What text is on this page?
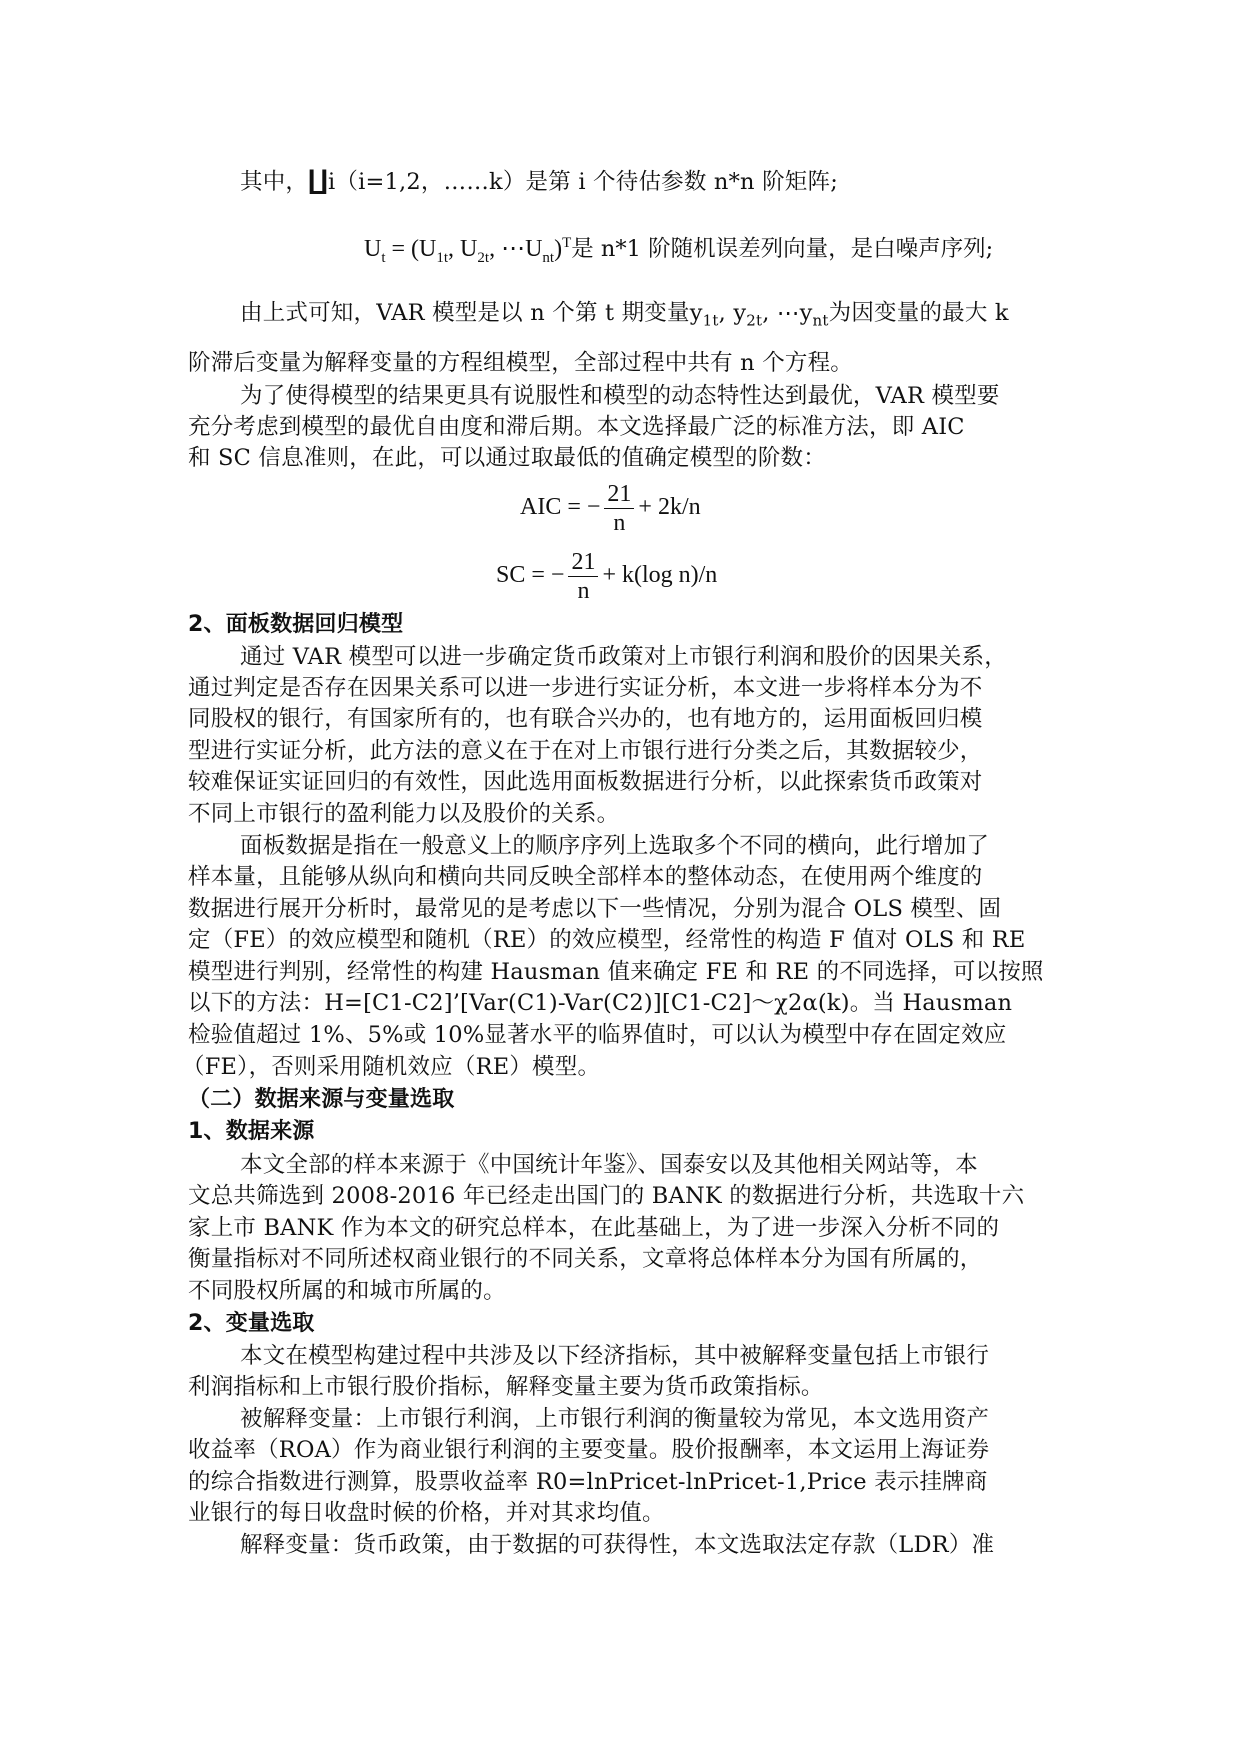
其中，∐i（i=1,2，……k）是第 i 个待估参数 n*n 阶矩阵;
$U_t = (U_{1t}$, $U_{2t}$, $\cdots U_{nt})^T$是 n*1 阶随机误差列向量，是白噪声序列;
由上式可知，VAR 模型是以 n 个第 t 期变量$y_{1t}$, $y_{2t}$, $\cdots y_{nt}$为因变量的最大 k
阶滞后变量为解释变量的方程组模型，全部过程中共有 n 个方程。
为了使得模型的结果更具有说服性和模型的动态特性达到最优，VAR 模型要
充分考虑到模型的最优自由度和滞后期。本文选择最广泛的标准方法，即 AIC
和 SC 信息准则，在此，可以通过取最低的值确定模型的阶数：
AIC = − $\frac{21}{n} + 2k/n$
SC = − $\frac{21}{n} + k(\log$ n)/n
2、面板数据回归模型
通过 VAR 模型可以进一步确定货币政策对上市银行利润和股价的因果关系，
通过判定是否存在因果关系可以进一步进行实证分析，本文进一步将样本分为不
同股权的银行，有国家所有的，也有联合兴办的，也有地方的，运用面板回归模
型进行实证分析，此方法的意义在于在对上市银行进行分类之后，其数据较少，
较难保证实证回归的有效性，因此选用面板数据进行分析，以此探索货币政策对
不同上市银行的盈利能力以及股价的关系。
面板数据是指在一般意义上的顺序序列上选取多个不同的横向，此行增加了
样本量，且能够从纵向和横向共同反映全部样本的整体动态，在使用两个维度的
数据进行展开分析时，最常见的是考虑以下一些情况，分别为混合 OLS 模型、固
定（FE）的效应模型和随机（RE）的效应模型，经常性的构造 F 值对 OLS 和 RE
模型进行判别，经常性的构建 Hausman 值来确定 FE 和 RE 的不同选择，可以按照
以下的方法：H=[C1-C2]’[Var(C1)-Var(C2)][C1-C2]～χ2α(k)。当 Hausman
检验值超过 1%、5%或 10%显著水平的临界值时，可以认为模型中存在固定效应
（FE），否则采用随机效应（RE）模型。
（二）数据来源与变量选取
1、数据来源
本文全部的样本来源于《中国统计年鉴》、国泰安以及其他相关网站等，本
文总共筛选到 2008-2016 年已经走出国门的 BANK 的数据进行分析，共选取十六
家上市 BANK 作为本文的研究总样本，在此基础上，为了进一步深入分析不同的
衡量指标对不同所述权商业银行的不同关系，文章将总体样本分为国有所属的，
不同股权所属的和城市所属的。
2、变量选取
本文在模型构建过程中共涉及以下经济指标，其中被解释变量包括上市银行
利润指标和上市银行股价指标，解释变量主要为货币政策指标。
被解释变量：上市银行利润，上市银行利润的衡量较为常见，本文选用资产
收益率（ROA）作为商业银行利润的主要变量。股价报酬率，本文运用上海证券
的综合指数进行测算，股票收益率 R0=lnPricet-lnPricet-1,Price 表示挂牌商
业银行的每日收盘时候的价格，并对其求均值。
解释变量：货币政策，由于数据的可获得性，本文选取法定存款（LDR）准
